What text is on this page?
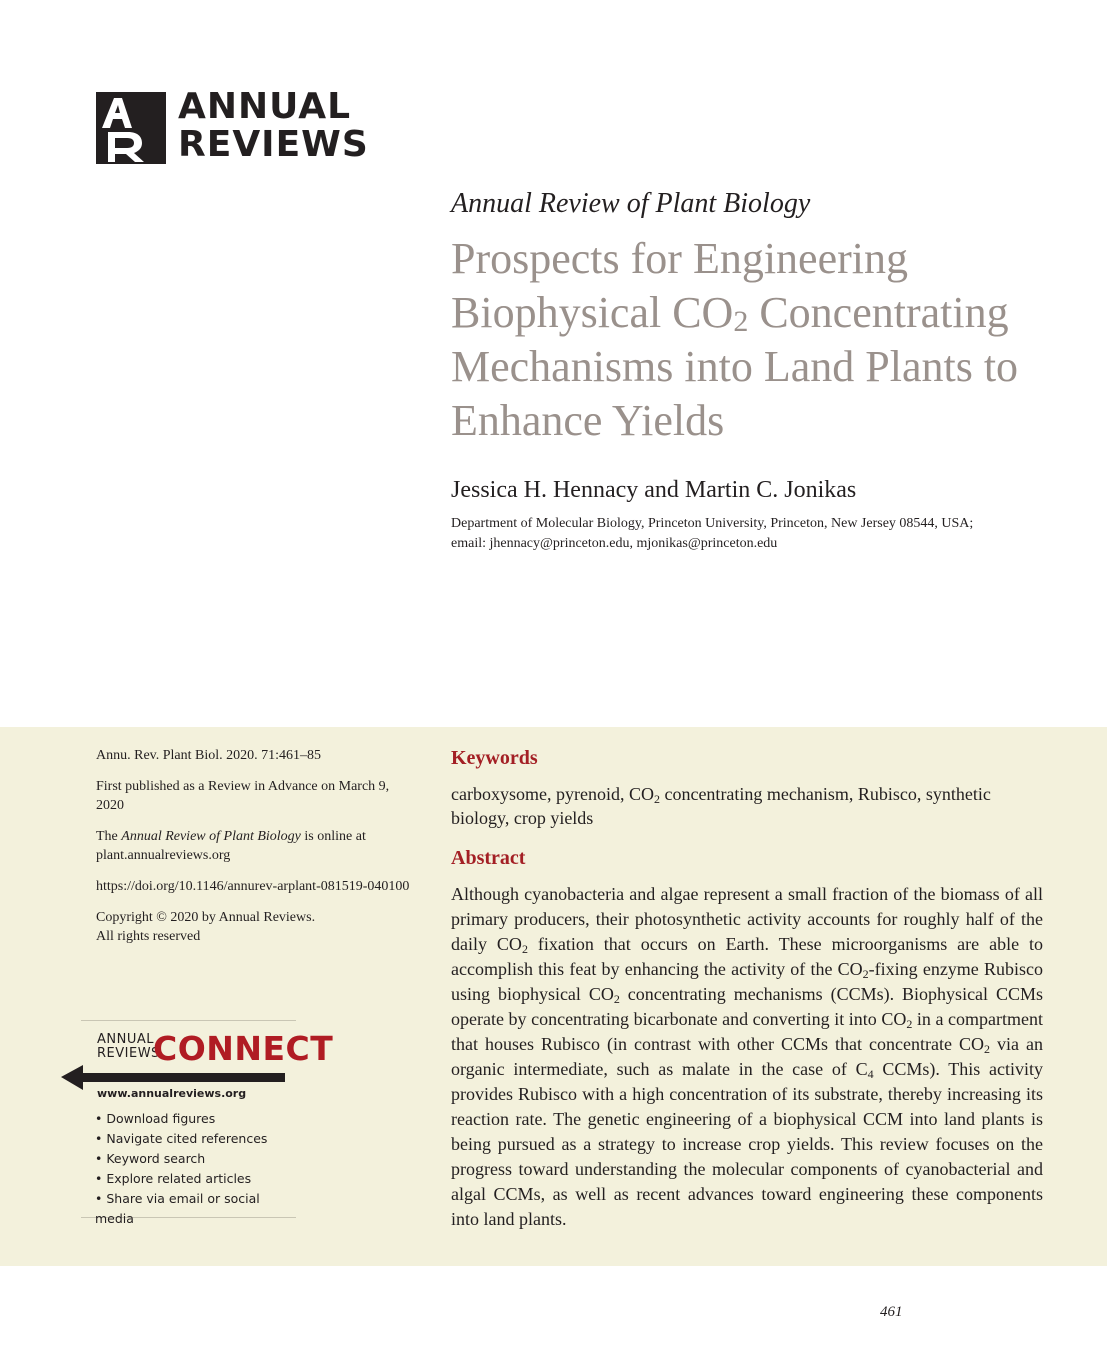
ANNUAL
REVIEWS
Annual Review of Plant Biology
Prospects for Engineering Biophysical $CO_2$ Concentrating Mechanisms into Land Plants to Enhance Yields
Jessica H. Hennacy and Martin C. Jonikas
Department of Molecular Biology, Princeton University, Princeton, New Jersey 08544, USA;
email: jhennacy@princeton.edu, mjonikas@princeton.edu

Annu. Rev. Plant Biol. 2020. 71:461–85

First published as a Review in Advance on March 9, 2020

The Annual Review of Plant Biology is online at plant.annualreviews.org

https://doi.org/10.1146/annurev-arplant-081519-040100

Copyright © 2020 by Annual Reviews.
All rights reserved

ANNUAL
REVIEWS
CONNECT
www.annualreviews.org
• Download figures
• Navigate cited references
• Keyword search
• Explore related articles
• Share via email or social media
Keywords

carboxysome, pyrenoid, $CO_2$ concentrating mechanism, Rubisco, synthetic biology, crop yields

Abstract

Although cyanobacteria and algae represent a small fraction of the biomass of all primary producers, their photosynthetic activity accounts for roughly half of the daily $CO_2$ fixation that occurs on Earth. These microorganisms are able to accomplish this feat by enhancing the activity of the $CO_2$-fixing enzyme Rubisco using biophysical $CO_2$ concentrating mechanisms (CCMs). Biophysical CCMs operate by concentrating bicarbonate and converting it into $CO_2$ in a compartment that houses Rubisco (in contrast with other CCMs that concentrate $CO_2$ via an organic intermediate, such as malate in the case of $C_4$ CCMs). This activity provides Rubisco with a high concentration of its substrate, thereby increasing its reaction rate. The genetic engineering of a biophysical CCM into land plants is being pursued as a strategy to increase crop yields. This review focuses on the progress toward understanding the molecular components of cyanobacterial and algal CCMs, as well as recent advances toward engineering these components into land plants.

461
